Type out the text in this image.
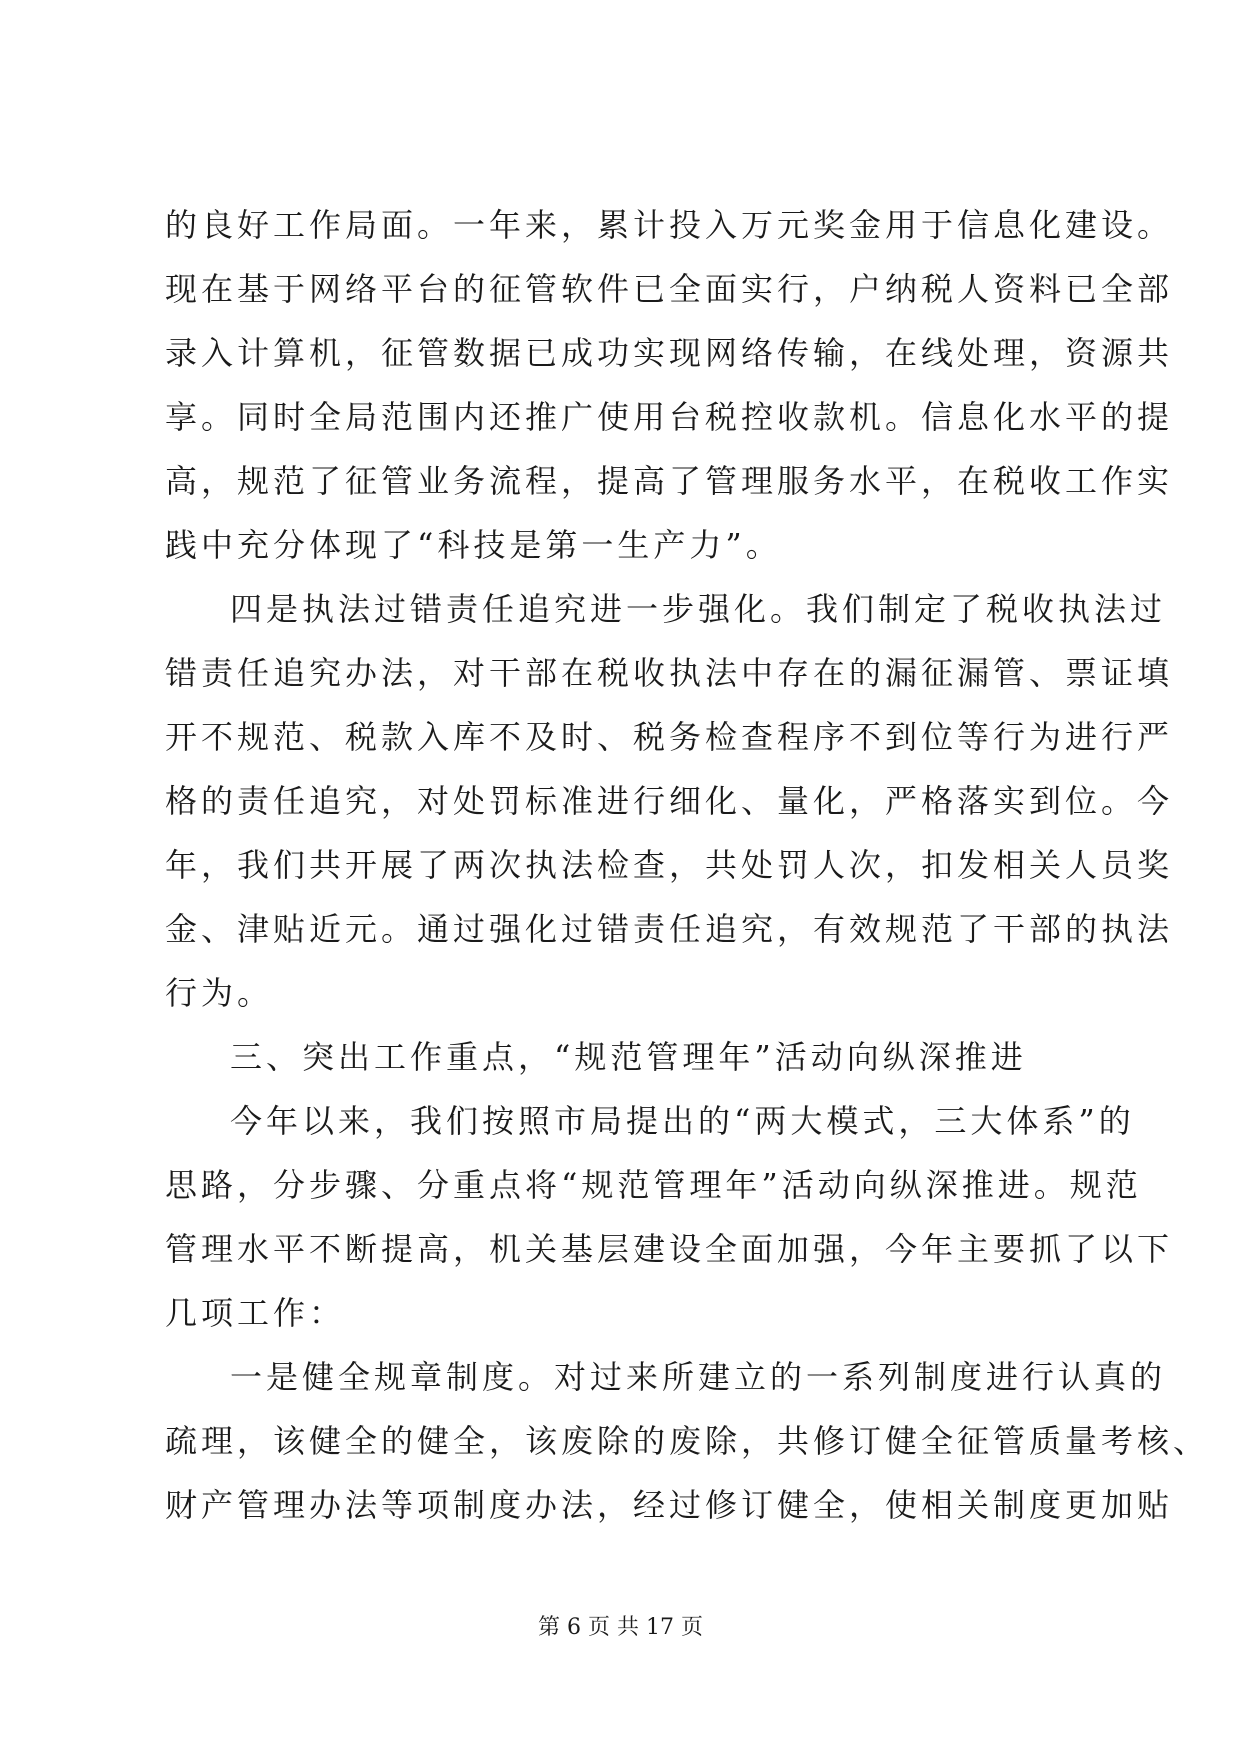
的良好工作局面。一年来，累计投入万元奖金用于信息化建设。
现在基于网络平台的征管软件已全面实行，户纳税人资料已全部
录入计算机，征管数据已成功实现网络传输，在线处理，资源共
享。同时全局范围内还推广使用台税控收款机。信息化水平的提
高，规范了征管业务流程，提高了管理服务水平，在税收工作实
践中充分体现了“科技是第一生产力”。
四是执法过错责任追究进一步强化。我们制定了税收执法过
错责任追究办法，对干部在税收执法中存在的漏征漏管、票证填
开不规范、税款入库不及时、税务检查程序不到位等行为进行严
格的责任追究，对处罚标准进行细化、量化，严格落实到位。今
年，我们共开展了两次执法检查，共处罚人次，扣发相关人员奖
金、津贴近元。通过强化过错责任追究，有效规范了干部的执法
行为。
三、突出工作重点，“规范管理年”活动向纵深推进
今年以来，我们按照市局提出的“两大模式，三大体系”的
思路，分步骤、分重点将“规范管理年”活动向纵深推进。规范
管理水平不断提高，机关基层建设全面加强，今年主要抓了以下
几项工作：
一是健全规章制度。对过来所建立的一系列制度进行认真的
疏理，该健全的健全，该废除的废除，共修订健全征管质量考核、
财产管理办法等项制度办法，经过修订健全，使相关制度更加贴
第 6 页 共 17 页
